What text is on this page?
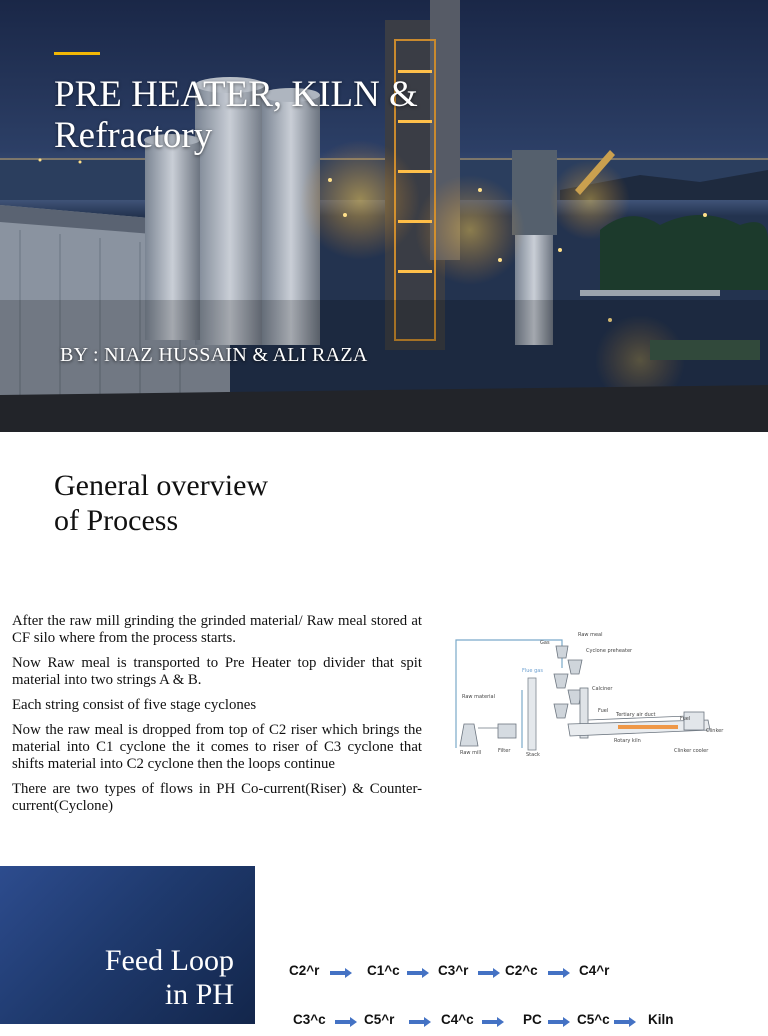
PRE HEATER, KILN &
Refractory

BY : NIAZ HUSSAIN & ALI RAZA

General overview
of Process

After the raw mill grinding the grinded material/ Raw meal stored at CF silo where from the process starts.

Now Raw meal is transported to Pre Heater top divider that spit material into two strings A & B.

Each string consist of five stage cyclones

Now the raw meal is dropped from top of C2 riser which brings the material into C1 cyclone the it comes to riser of C3 cyclone that shifts material into C2 cyclone then the loops continue

There are two types of flows in PH Co-current(Riser) & Counter-current(Cyclone)

Raw meal
Cyclone preheater
Calciner
Fuel
Tertiary air duct
Rotary kiln
Fuel
Clinker
Clinker cooler
Raw material
Raw mill	Filter
Stack
Flue gas
Gas
Feed Loop
in PH
C2^r	C1^c	C3^r	C2^c	C4^r
C3^c	C5^r	C4^c	PC	C5^c	Kiln
